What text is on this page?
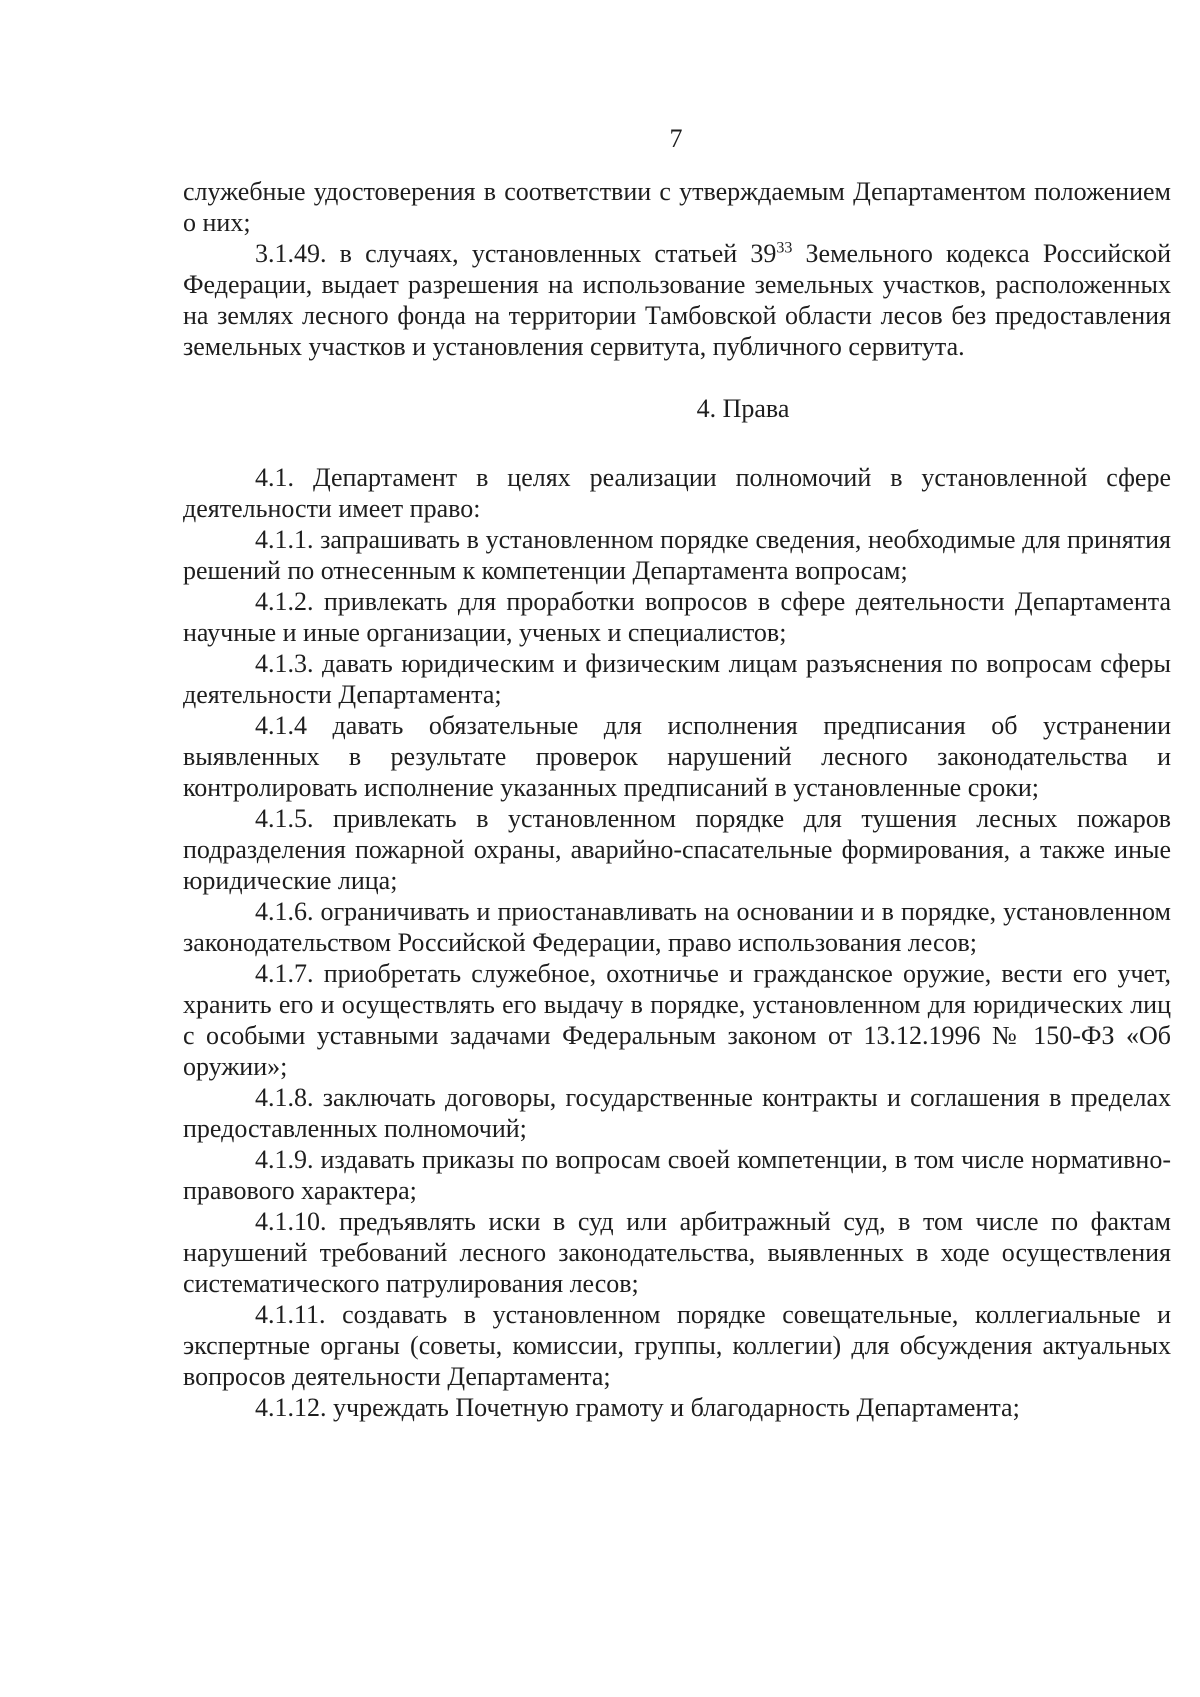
7

служебные удостоверения в соответствии с утверждаемым Департаментом положением о них;

3.1.49. в случаях, установленных статьей $39^{33}$ Земельного кодекса Российской Федерации, выдает разрешения на использование земельных участков, расположенных на землях лесного фонда на территории Тамбовской области лесов без предоставления земельных участков и установления сервитута, публичного сервитута.

4. Права

4.1. Департамент в целях реализации полномочий в установленной сфере деятельности имеет право:

4.1.1. запрашивать в установленном порядке сведения, необходимые для принятия решений по отнесенным к компетенции Департамента вопросам;

4.1.2. привлекать для проработки вопросов в сфере деятельности Департамента научные и иные организации, ученых и специалистов;

4.1.3. давать юридическим и физическим лицам разъяснения по вопросам сферы деятельности Департамента;

4.1.4 давать обязательные для исполнения предписания об устранении выявленных в результате проверок нарушений лесного законодательства и контролировать исполнение указанных предписаний в установленные сроки;

4.1.5. привлекать в установленном порядке для тушения лесных пожаров подразделения пожарной охраны, аварийно-спасательные формирования, а также иные юридические лица;

4.1.6. ограничивать и приостанавливать на основании и в порядке, установленном законодательством Российской Федерации, право использования лесов;

4.1.7. приобретать служебное, охотничье и гражданское оружие, вести его учет, хранить его и осуществлять его выдачу в порядке, установленном для юридических лиц с особыми уставными задачами Федеральным законом от 13.12.1996 № 150-ФЗ «Об оружии»;

4.1.8. заключать договоры, государственные контракты и соглашения в пределах предоставленных полномочий;

4.1.9. издавать приказы по вопросам своей компетенции, в том числе нормативно-правового характера;

4.1.10. предъявлять иски в суд или арбитражный суд, в том числе по фактам нарушений требований лесного законодательства, выявленных в ходе осуществления систематического патрулирования лесов;

4.1.11. создавать в установленном порядке совещательные, коллегиальные и экспертные органы (советы, комиссии, группы, коллегии) для обсуждения актуальных вопросов деятельности Департамента;

4.1.12. учреждать Почетную грамоту и благодарность Департамента;
